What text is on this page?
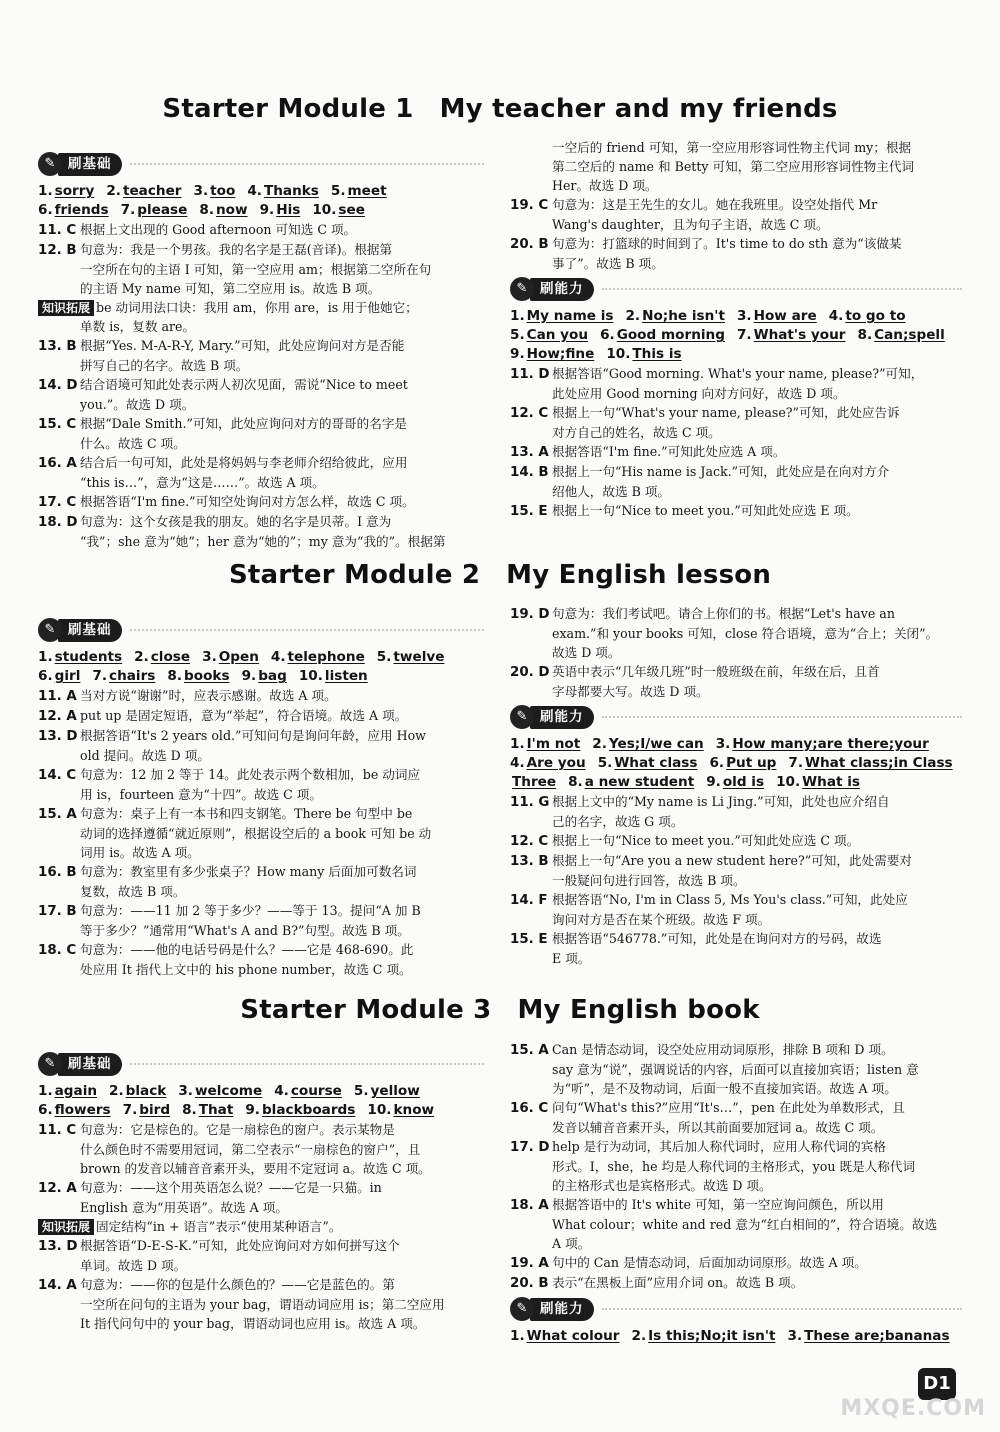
Starter Module 1 My teacher and my friends
✎ 刷基础
1. sorry 2. teacher 3. too 4. Thanks 5. meet
6. friends 7. please 8. now 9. His 10. see
11. C 根据上文出现的 Good afternoon 可知选 C 项。
12. B 句意为：我是一个男孩。我的名字是王磊(音译)。根据第
一空所在句的主语 I 可知，第一空应用 am；根据第二空所在句
的主语 My name 可知，第二空应用 is。故选 B 项。
知识拓展 be 动词用法口诀：我用 am，你用 are，is 用于他她它；
单数 is，复数 are。
13. B 根据“Yes. M-A-R-Y, Mary.”可知，此处应询问对方是否能
拼写自己的名字。故选 B 项。
14. D 结合语境可知此处表示两人初次见面，需说“Nice to meet
you.”。故选 D 项。
15. C 根据“Dale Smith.”可知，此处应询问对方的哥哥的名字是
什么。故选 C 项。
16. A 结合后一句可知，此处是将妈妈与李老师介绍给彼此，应用
“this is…”，意为“这是……”。故选 A 项。
17. C 根据答语“I'm fine.”可知空处询问对方怎么样，故选 C 项。
18. D 句意为：这个女孩是我的朋友。她的名字是贝蒂。I 意为
“我”；she 意为“她”；her 意为“她的”；my 意为“我的”。根据第
一空后的 friend 可知，第一空应用形容词性物主代词 my；根据
第二空后的 name 和 Betty 可知，第二空应用形容词性物主代词
Her。故选 D 项。
19. C 句意为：这是王先生的女儿。她在我班里。设空处指代 Mr
Wang's daughter，且为句子主语，故选 C 项。
20. B 句意为：打篮球的时间到了。It's time to do sth 意为“该做某
事了”。故选 B 项。
✎ 刷能力
1. My name is 2. No;he isn't 3. How are 4. to go to
5. Can you 6. Good morning 7. What's your 8. Can;spell
9. How;fine 10. This is
11. D 根据答语“Good morning. What's your name, please?”可知，
此处应用 Good morning 向对方问好，故选 D 项。
12. C 根据上一句“What's your name, please?”可知，此处应告诉
对方自己的姓名，故选 C 项。
13. A 根据答语“I'm fine.”可知此处应选 A 项。
14. B 根据上一句“His name is Jack.”可知，此处应是在向对方介
绍他人，故选 B 项。
15. E 根据上一句“Nice to meet you.”可知此处应选 E 项。
Starter Module 2 My English lesson
✎ 刷基础
1. students 2. close 3. Open 4. telephone 5. twelve
6. girl 7. chairs 8. books 9. bag 10. listen
11. A 当对方说“谢谢”时，应表示感谢。故选 A 项。
12. A put up 是固定短语，意为“举起”，符合语境。故选 A 项。
13. D 根据答语“It's 2 years old.”可知问句是询问年龄，应用 How
old 提问。故选 D 项。
14. C 句意为：12 加 2 等于 14。此处表示两个数相加，be 动词应
用 is，fourteen 意为“十四”。故选 C 项。
15. A 句意为：桌子上有一本书和四支钢笔。There be 句型中 be
动词的选择遵循“就近原则”，根据设空后的 a book 可知 be 动
词用 is。故选 A 项。
16. B 句意为：教室里有多少张桌子？How many 后面加可数名词
复数，故选 B 项。
17. B 句意为：——11 加 2 等于多少？——等于 13。提问“A 加 B
等于多少？”通常用“What's A and B?”句型。故选 B 项。
18. C 句意为：——他的电话号码是什么？——它是 468-690。此
处应用 It 指代上文中的 his phone number，故选 C 项。
19. D 句意为：我们考试吧。请合上你们的书。根据“Let's have an
exam.”和 your books 可知，close 符合语境，意为“合上；关闭”。
故选 D 项。
20. D 英语中表示“几年级几班”时一般班级在前，年级在后，且首
字母都要大写。故选 D 项。
✎ 刷能力
1. I'm not 2. Yes;I/we can 3. How many;are there;your
4. Are you 5. What class 6. Put up 7. What class;in Class
Three 8. a new student 9. old is 10. What is
11. G 根据上文中的“My name is Li Jing.”可知，此处也应介绍自
己的名字，故选 G 项。
12. C 根据上一句“Nice to meet you.”可知此处应选 C 项。
13. B 根据上一句“Are you a new student here?”可知，此处需要对
一般疑问句进行回答，故选 B 项。
14. F 根据答语“No, I'm in Class 5, Ms You's class.”可知，此处应
询问对方是否在某个班级。故选 F 项。
15. E 根据答语“546778.”可知，此处是在询问对方的号码，故选
E 项。
Starter Module 3 My English book
✎ 刷基础
1. again 2. black 3. welcome 4. course 5. yellow
6. flowers 7. bird 8. That 9. blackboards 10. know
11. C 句意为：它是棕色的。它是一扇棕色的窗户。表示某物是
什么颜色时不需要用冠词，第二空表示“一扇棕色的窗户”，且
brown 的发音以辅音音素开头，要用不定冠词 a。故选 C 项。
12. A 句意为：——这个用英语怎么说？——它是一只猫。in
English 意为“用英语”。故选 A 项。
知识拓展 固定结构“in + 语言”表示“使用某种语言”。
13. D 根据答语“D-E-S-K.”可知，此处应询问对方如何拼写这个
单词。故选 D 项。
14. A 句意为：——你的包是什么颜色的？——它是蓝色的。第
一空所在问句的主语为 your bag，谓语动词应用 is；第二空应用
It 指代问句中的 your bag，谓语动词也应用 is。故选 A 项。
15. A Can 是情态动词，设空处应用动词原形，排除 B 项和 D 项。
say 意为“说”，强调说话的内容，后面可以直接加宾语；listen 意
为“听”，是不及物动词，后面一般不直接加宾语。故选 A 项。
16. C 问句“What's this?”应用“It's…”，pen 在此处为单数形式，且
发音以辅音音素开头，所以其前面要加冠词 a。故选 C 项。
17. D help 是行为动词，其后加人称代词时，应用人称代词的宾格
形式。I，she，he 均是人称代词的主格形式，you 既是人称代词
的主格形式也是宾格形式。故选 D 项。
18. A 根据答语中的 It's white 可知，第一空应询问颜色，所以用
What colour；white and red 意为“红白相间的”，符合语境。故选
A 项。
19. A 句中的 Can 是情态动词，后面加动词原形。故选 A 项。
20. B 表示“在黑板上面”应用介词 on。故选 B 项。
✎ 刷能力
1. What colour 2. Is this;No;it isn't 3. These are;bananas
D1
MXQE.COM
